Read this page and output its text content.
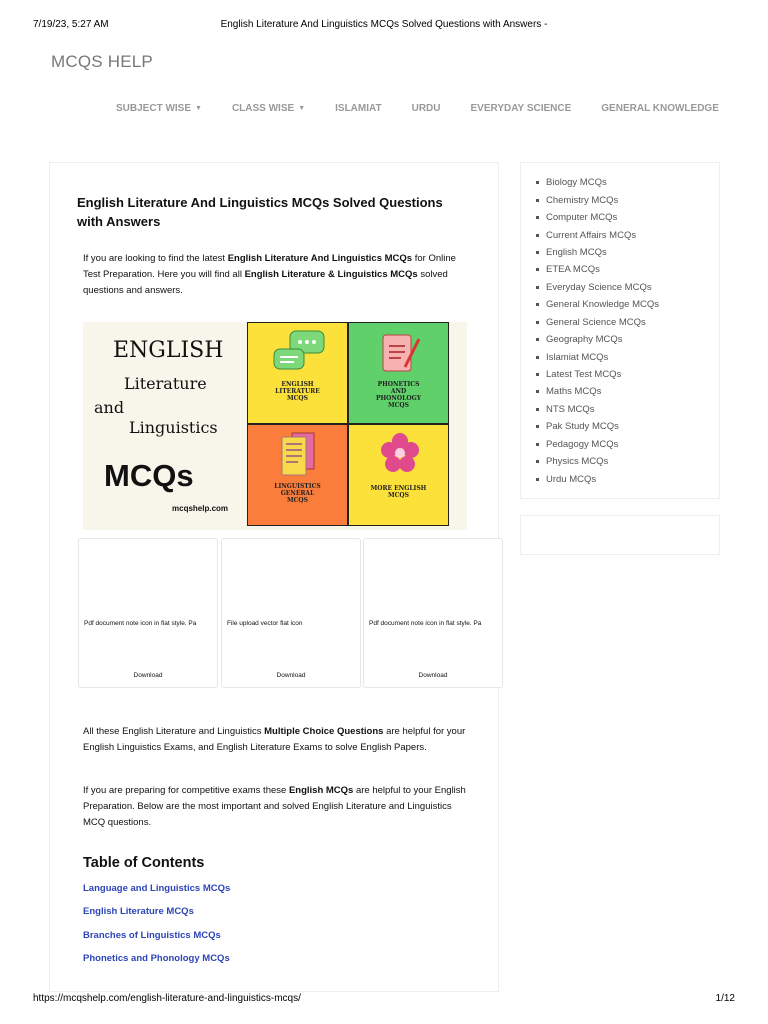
7/19/23, 5:27 AM	English Literature And Linguistics MCQs Solved Questions with Answers -
MCQS HELP
SUBJECT WISE ▼	CLASS WISE ▼	ISLAMIAT	URDU	EVERYDAY SCIENCE	GENERAL KNOWLEDGE
English Literature And Linguistics MCQs Solved Questions with Answers

If you are looking to find the latest English Literature And Linguistics MCQs for Online Test Preparation. Here you will find all English Literature & Linguistics MCQs solved questions and answers.

ENGLISH
Literature
and
Linguistics
MCQs
mcqshelp.com
ENGLISH
LITERATURE
MCQS
PHONETICS
AND
PHONOLOGY
MCQS
LINGUISTICS
GENERAL
MCQS
MORE ENGLISH
MCQS
Pdf document note icon in flat style. Pa
Download
File upload vector flat icon
Download
Pdf document note icon in flat style. Pa
Download

All these English Literature and Linguistics Multiple Choice Questions are helpful for your English Linguistics Exams, and English Literature Exams to solve English Papers.

If you are preparing for competitive exams these English MCQs are helpful to your English Preparation. Below are the most important and solved English Literature and Linguistics MCQ questions.

Table of Contents
Language and Linguistics MCQs
English Literature MCQs
Branches of Linguistics MCQs
Phonetics and Phonology MCQs
Biology MCQs
Chemistry MCQs
Computer MCQs
Current Affairs MCQs
English MCQs
ETEA MCQs
Everyday Science MCQs
General Knowledge MCQs
General Science MCQs
Geography MCQs
Islamiat MCQs
Latest Test MCQs
Maths MCQs
NTS MCQs
Pak Study MCQs
Pedagogy MCQs
Physics MCQs
Urdu MCQs
https://mcqshelp.com/english-literature-and-linguistics-mcqs/	1/12
